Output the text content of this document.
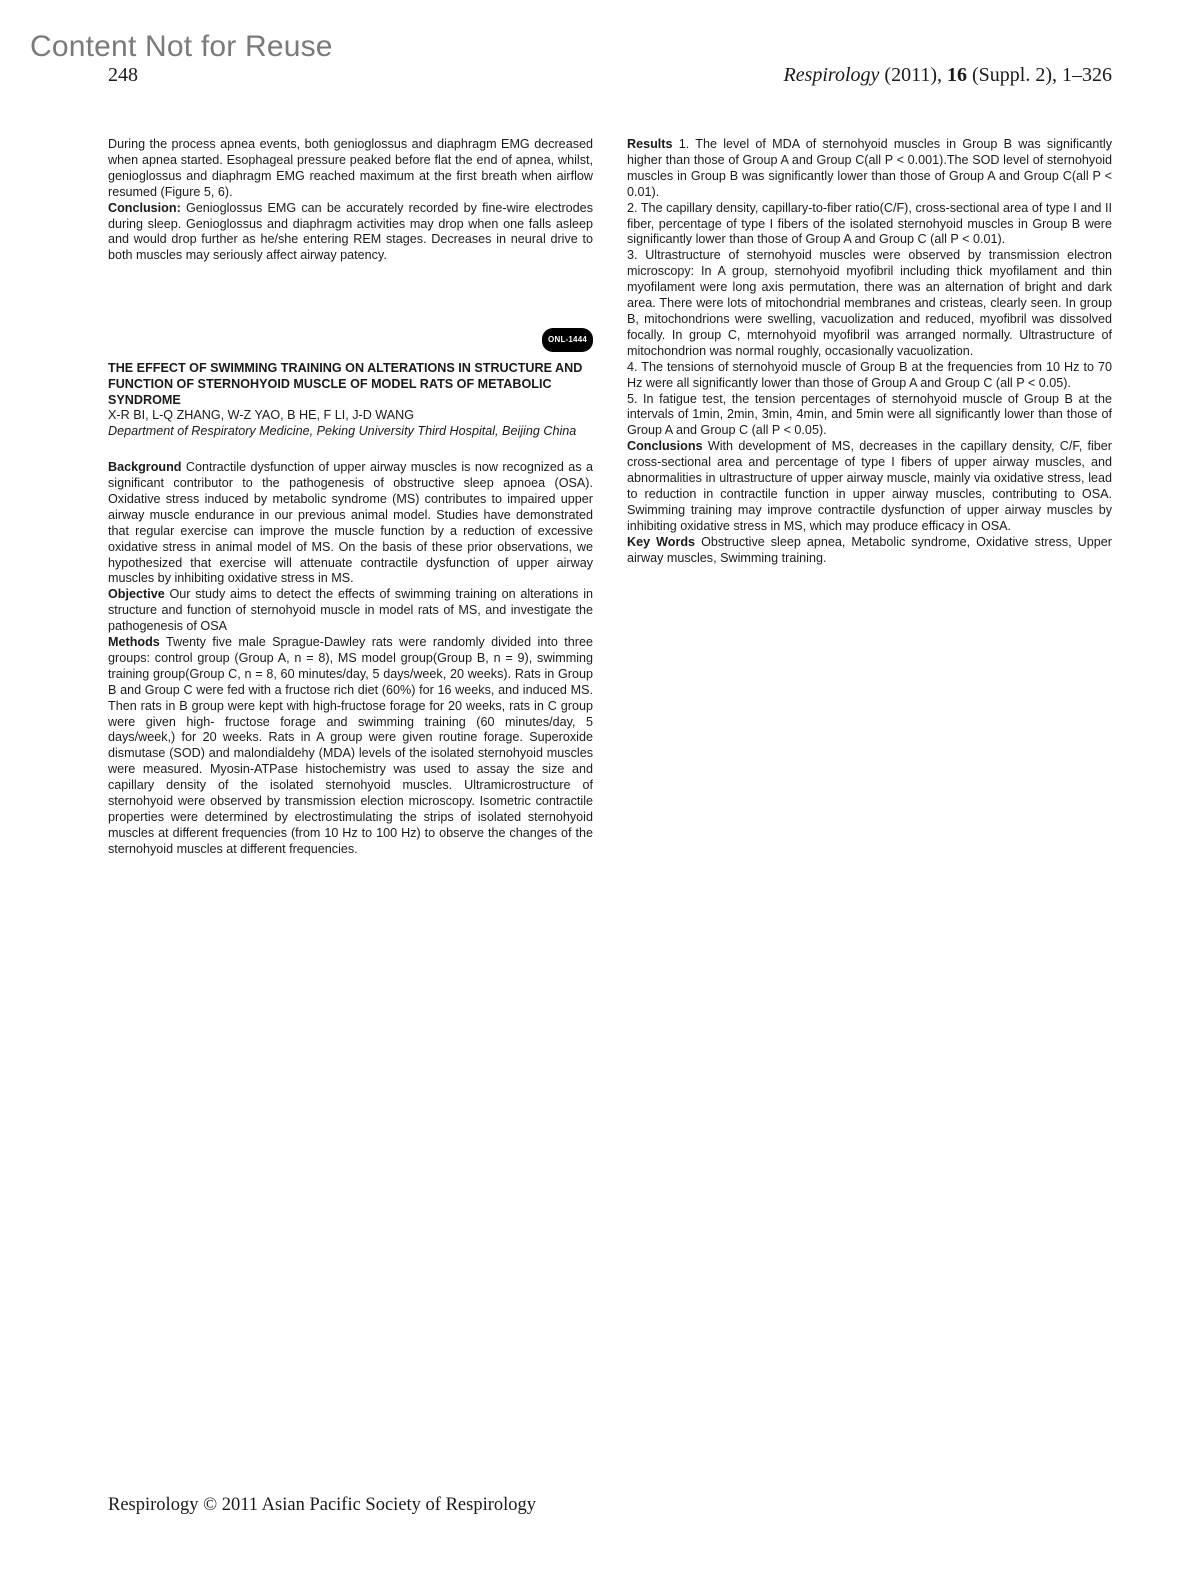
Content Not for Reuse
248	Respirology (2011), 16 (Suppl. 2), 1–326

During the process apnea events, both genioglossus and diaphragm EMG decreased when apnea started. Esophageal pressure peaked before flat the end of apnea, whilst, genioglossus and diaphragm EMG reached maximum at the first breath when airflow resumed (Figure 5, 6).

Conclusion: Genioglossus EMG can be accurately recorded by fine-wire electrodes during sleep. Genioglossus and diaphragm activities may drop when one falls asleep and would drop further as he/she entering REM stages. Decreases in neural drive to both muscles may seriously affect airway patency.

ONL-1444

THE EFFECT OF SWIMMING TRAINING ON ALTERATIONS IN STRUCTURE AND FUNCTION OF STERNOHYOID MUSCLE OF MODEL RATS OF METABOLIC SYNDROME

X-R BI, L-Q ZHANG, W-Z YAO, B HE, F LI, J-D WANG

Department of Respiratory Medicine, Peking University Third Hospital, Beijing China

Background Contractile dysfunction of upper airway muscles is now recognized as a significant contributor to the pathogenesis of obstructive sleep apnoea (OSA). Oxidative stress induced by metabolic syndrome (MS) contributes to impaired upper airway muscle endurance in our previous animal model. Studies have demonstrated that regular exercise can improve the muscle function by a reduction of excessive oxidative stress in animal model of MS. On the basis of these prior observations, we hypothesized that exercise will attenuate contractile dysfunction of upper airway muscles by inhibiting oxidative stress in MS.

Objective Our study aims to detect the effects of swimming training on alterations in structure and function of sternohyoid muscle in model rats of MS, and investigate the pathogenesis of OSA

Methods Twenty five male Sprague-Dawley rats were randomly divided into three groups: control group (Group A, n = 8), MS model group(Group B, n = 9), swimming training group(Group C, n = 8, 60 minutes/day, 5 days/week, 20 weeks). Rats in Group B and Group C were fed with a fructose rich diet (60%) for 16 weeks, and induced MS. Then rats in B group were kept with high-fructose forage for 20 weeks, rats in C group were given high- fructose forage and swimming training (60 minutes/day, 5 days/week,) for 20 weeks. Rats in A group were given routine forage. Superoxide dismutase (SOD) and malondialdehy (MDA) levels of the isolated sternohyoid muscles were measured. Myosin-ATPase histochemistry was used to assay the size and capillary density of the isolated sternohyoid muscles. Ultramicrostructure of sternohyoid were observed by transmission election microscopy. Isometric contractile properties were determined by electrostimulating the strips of isolated sternohyoid muscles at different frequencies (from 10 Hz to 100 Hz) to observe the changes of the sternohyoid muscles at different frequencies.

Results 1. The level of MDA of sternohyoid muscles in Group B was significantly higher than those of Group A and Group C(all P < 0.001).The SOD level of sternohyoid muscles in Group B was significantly lower than those of Group A and Group C(all P < 0.01).

2. The capillary density, capillary-to-fiber ratio(C/F), cross-sectional area of type I and II fiber, percentage of type I fibers of the isolated sternohyoid muscles in Group B were significantly lower than those of Group A and Group C (all P < 0.01).

3. Ultrastructure of sternohyoid muscles were observed by transmission electron microscopy: In A group, sternohyoid myofibril including thick myofilament and thin myofilament were long axis permutation, there was an alternation of bright and dark area. There were lots of mitochondrial membranes and cristeas, clearly seen. In group B, mitochondrions were swelling, vacuolization and reduced, myofibril was dissolved focally. In group C, mternohyoid myofibril was arranged normally. Ultrastructure of mitochondrion was normal roughly, occasionally vacuolization.

4. The tensions of sternohyoid muscle of Group B at the frequencies from 10 Hz to 70 Hz were all significantly lower than those of Group A and Group C (all P < 0.05).

5. In fatigue test, the tension percentages of sternohyoid muscle of Group B at the intervals of 1min, 2min, 3min, 4min, and 5min were all significantly lower than those of Group A and Group C (all P < 0.05).

Conclusions With development of MS, decreases in the capillary density, C/F, fiber cross-sectional area and percentage of type I fibers of upper airway muscles, and abnormalities in ultrastructure of upper airway muscle, mainly via oxidative stress, lead to reduction in contractile function in upper airway muscles, contributing to OSA. Swimming training may improve contractile dysfunction of upper airway muscles by inhibiting oxidative stress in MS, which may produce efficacy in OSA.

Key Words Obstructive sleep apnea, Metabolic syndrome, Oxidative stress, Upper airway muscles, Swimming training.

Respirology © 2011 Asian Pacific Society of Respirology
